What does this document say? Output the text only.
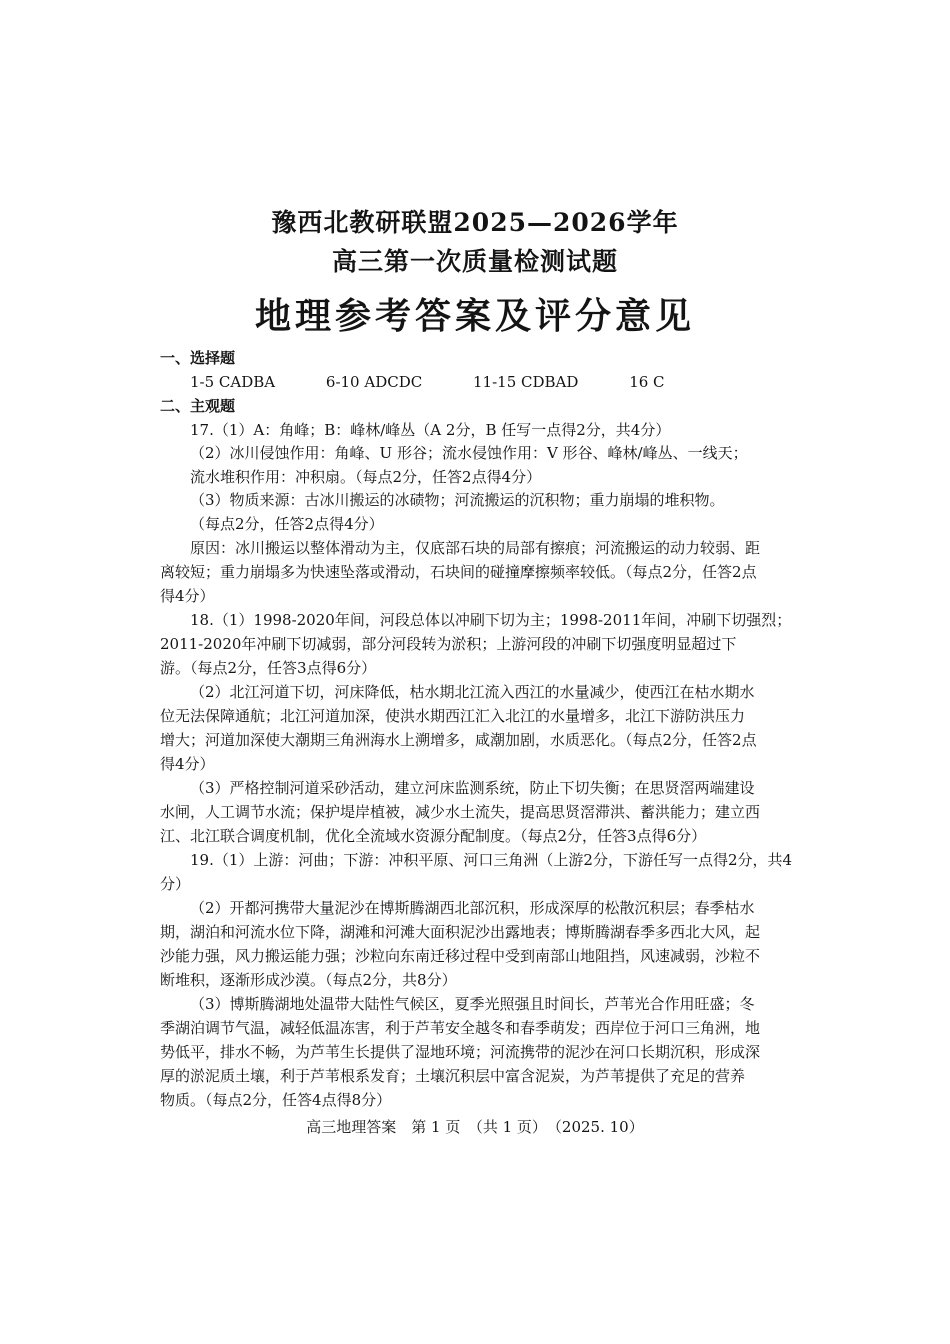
豫西北教研联盟2025—2026学年
高三第一次质量检测试题
地理参考答案及评分意见
一、选择题
1-5 CADBA	6-10 ADCDC	11-15 CDBAD	16 C
二、主观题
17.（1）A：角峰；B：峰林/峰丛（A 2分，B 任写一点得2分，共4分）
（2）冰川侵蚀作用：角峰、U 形谷；流水侵蚀作用：V 形谷、峰林/峰丛、一线天；
流水堆积作用：冲积扇。（每点2分，任答2点得4分）
（3）物质来源：古冰川搬运的冰碛物；河流搬运的沉积物；重力崩塌的堆积物。
（每点2分，任答2点得4分）
原因：冰川搬运以整体滑动为主，仅底部石块的局部有擦痕；河流搬运的动力较弱、距
离较短；重力崩塌多为快速坠落或滑动，石块间的碰撞摩擦频率较低。（每点2分，任答2点
得4分）
18.（1）1998-2020年间，河段总体以冲刷下切为主；1998-2011年间，冲刷下切强烈；
2011-2020年冲刷下切减弱，部分河段转为淤积；上游河段的冲刷下切强度明显超过下
游。（每点2分，任答3点得6分）
（2）北江河道下切，河床降低，枯水期北江流入西江的水量减少，使西江在枯水期水
位无法保障通航；北江河道加深，使洪水期西江汇入北江的水量增多，北江下游防洪压力
增大；河道加深使大潮期三角洲海水上溯增多，咸潮加剧，水质恶化。（每点2分，任答2点
得4分）
（3）严格控制河道采砂活动，建立河床监测系统，防止下切失衡；在思贤滘两端建设
水闸，人工调节水流；保护堤岸植被，减少水土流失，提高思贤滘滞洪、蓄洪能力；建立西
江、北江联合调度机制，优化全流域水资源分配制度。（每点2分，任答3点得6分）
19.（1）上游：河曲；下游：冲积平原、河口三角洲（上游2分，下游任写一点得2分，共4
分）
（2）开都河携带大量泥沙在博斯腾湖西北部沉积，形成深厚的松散沉积层；春季枯水
期，湖泊和河流水位下降，湖滩和河滩大面积泥沙出露地表；博斯腾湖春季多西北大风，起
沙能力强，风力搬运能力强；沙粒向东南迁移过程中受到南部山地阻挡，风速减弱，沙粒不
断堆积，逐渐形成沙漠。（每点2分，共8分）
（3）博斯腾湖地处温带大陆性气候区，夏季光照强且时间长，芦苇光合作用旺盛；冬
季湖泊调节气温，减轻低温冻害，利于芦苇安全越冬和春季萌发；西岸位于河口三角洲，地
势低平，排水不畅，为芦苇生长提供了湿地环境；河流携带的泥沙在河口长期沉积，形成深
厚的淤泥质土壤，利于芦苇根系发育；土壤沉积层中富含泥炭，为芦苇提供了充足的营养
物质。（每点2分，任答4点得8分）
高三地理答案　第 1 页　（共 1 页）　（2025. 10）
